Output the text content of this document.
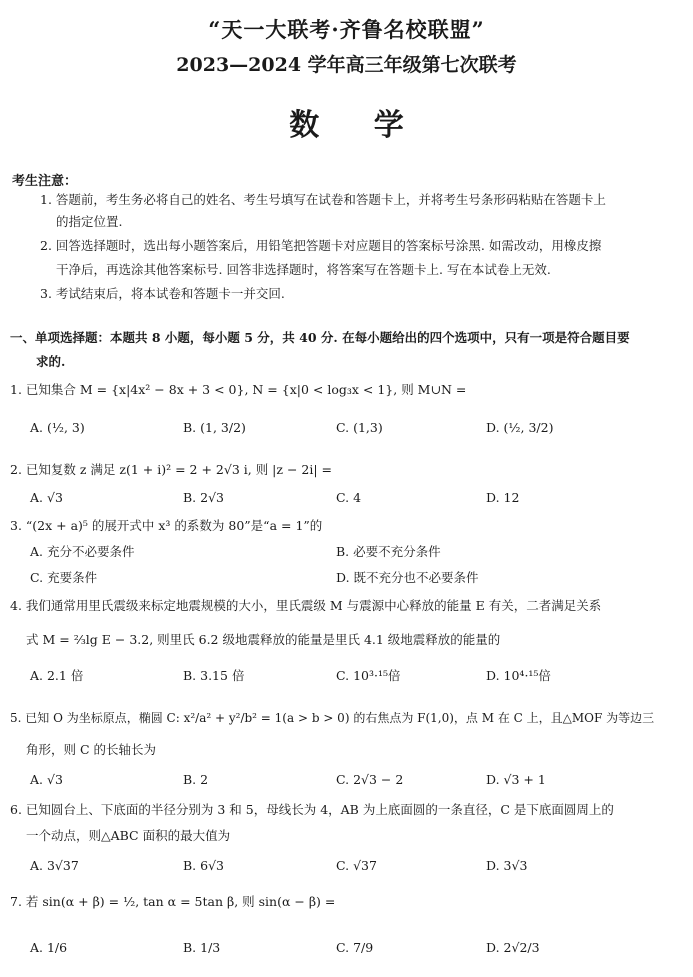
“天一大联考·齐鲁名校联盟”
2023—2024 学年高三年级第七次联考
数 学
考生注意：
1. 答题前，考生务必将自己的姓名、考生号填写在试卷和答题卡上，并将考生号条形码粘贴在答题卡上
的指定位置.
2. 回答选择题时，选出每小题答案后，用铅笔把答题卡对应题目的答案标号涂黑. 如需改动，用橡皮擦
干净后，再选涂其他答案标号. 回答非选择题时，将答案写在答题卡上. 写在本试卷上无效.
3. 考试结束后，将本试卷和答题卡一并交回.
一、单项选择题：本题共 8 小题，每小题 5 分，共 40 分. 在每小题给出的四个选项中，只有一项是符合题目要
求的.
1. 已知集合 M = {x|4x² − 8x + 3 < 0}, N = {x|0 < log₃x < 1}, 则 M∪N =
A. (½, 3)	B. (1, 3/2)	C. (1,3)	D. (½, 3/2)
2. 已知复数 z 满足 z(1 + i)² = 2 + 2√3 i, 则 |z − 2i| =
A. √3	B. 2√3	C. 4	D. 12
3. “(2x + a)⁵ 的展开式中 x³ 的系数为 80”是“a = 1”的
A. 充分不必要条件	B. 必要不充分条件
C. 充要条件	D. 既不充分也不必要条件
4. 我们通常用里氏震级来标定地震规模的大小，里氏震级 M 与震源中心释放的能量 E 有关，二者满足关系
式 M = ⅔lg E − 3.2, 则里氏 6.2 级地震释放的能量是里氏 4.1 级地震释放的能量的
A. 2.1 倍	B. 3.15 倍	C. 10³·¹⁵倍	D. 10⁴·¹⁵倍
5. 已知 O 为坐标原点，椭圆 C: x²/a² + y²/b² = 1(a > b > 0) 的右焦点为 F(1,0)，点 M 在 C 上，且△MOF 为等边三
角形，则 C 的长轴长为
A. √3	B. 2	C. 2√3 − 2	D. √3 + 1
6. 已知圆台上、下底面的半径分别为 3 和 5，母线长为 4，AB 为上底面圆的一条直径，C 是下底面圆周上的
一个动点，则△ABC 面积的最大值为
A. 3√37	B. 6√3	C. √37	D. 3√3
7. 若 sin(α + β) = ½, tan α = 5tan β, 则 sin(α − β) =
A. 1/6	B. 1/3	C. 7/9	D. 2√2/3
